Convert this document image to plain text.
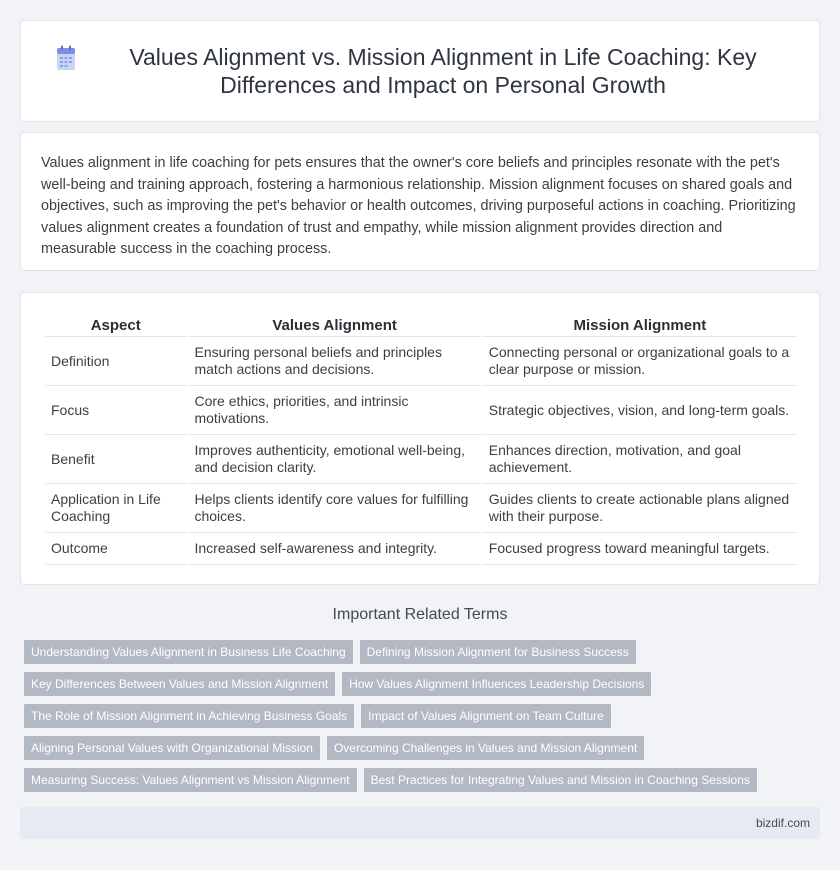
Values Alignment vs. Mission Alignment in Life Coaching: Key Differences and Impact on Personal Growth

Values alignment in life coaching for pets ensures that the owner's core beliefs and principles resonate with the pet's well-being and training approach, fostering a harmonious relationship. Mission alignment focuses on shared goals and objectives, such as improving the pet's behavior or health outcomes, driving purposeful actions in coaching. Prioritizing values alignment creates a foundation of trust and empathy, while mission alignment provides direction and measurable success in the coaching process.

Aspect	Values Alignment	Mission Alignment
Definition	Ensuring personal beliefs and principles match actions and decisions.	Connecting personal or organizational goals to a clear purpose or mission.
Focus	Core ethics, priorities, and intrinsic motivations.	Strategic objectives, vision, and long-term goals.
Benefit	Improves authenticity, emotional well-being, and decision clarity.	Enhances direction, motivation, and goal achievement.
Application in Life Coaching	Helps clients identify core values for fulfilling choices.	Guides clients to create actionable plans aligned with their purpose.
Outcome	Increased self-awareness and integrity.	Focused progress toward meaningful targets.
Important Related Terms
Understanding Values Alignment in Business Life Coaching	Defining Mission Alignment for Business Success
Key Differences Between Values and Mission Alignment	How Values Alignment Influences Leadership Decisions
The Role of Mission Alignment in Achieving Business Goals	Impact of Values Alignment on Team Culture
Aligning Personal Values with Organizational Mission	Overcoming Challenges in Values and Mission Alignment
Measuring Success: Values Alignment vs Mission Alignment	Best Practices for Integrating Values and Mission in Coaching Sessions
bizdif.com
